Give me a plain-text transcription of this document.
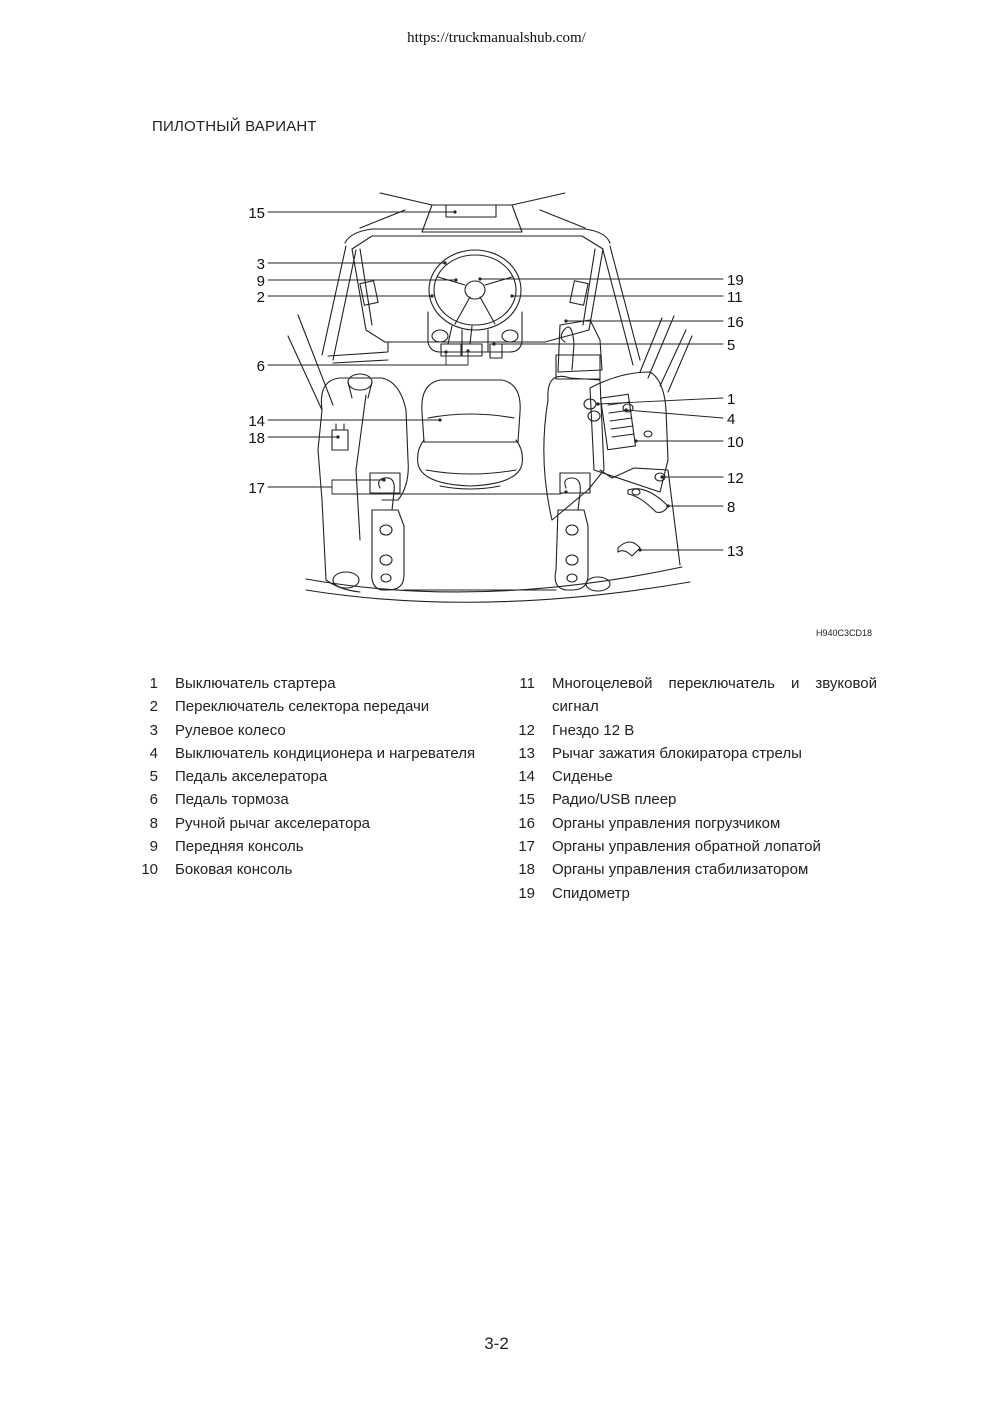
https://truckmanualshub.com/
ПИЛОТНЫЙ ВАРИАНТ
15
3
9
2
6
14
18
17
19
11
16
5
1
4
10
12
8
13
H940C3CD18
1 Выключатель стартера
2 Переключатель селектора передачи
3 Рулевое колесо
4 Выключатель кондиционера и нагревателя
5 Педаль акселератора
6 Педаль тормоза
8 Ручной рычаг акселератора
9 Передняя консоль
10 Боковая консоль
11 Многоцелевой переключатель и звуковой сигнал
12 Гнездо 12 В
13 Рычаг зажатия блокиратора стрелы
14 Сиденье
15 Радио/USB плеер
16 Органы управления погрузчиком
17 Органы управления обратной лопатой
18 Органы управления стабилизатором
19 Спидометр
3-2
